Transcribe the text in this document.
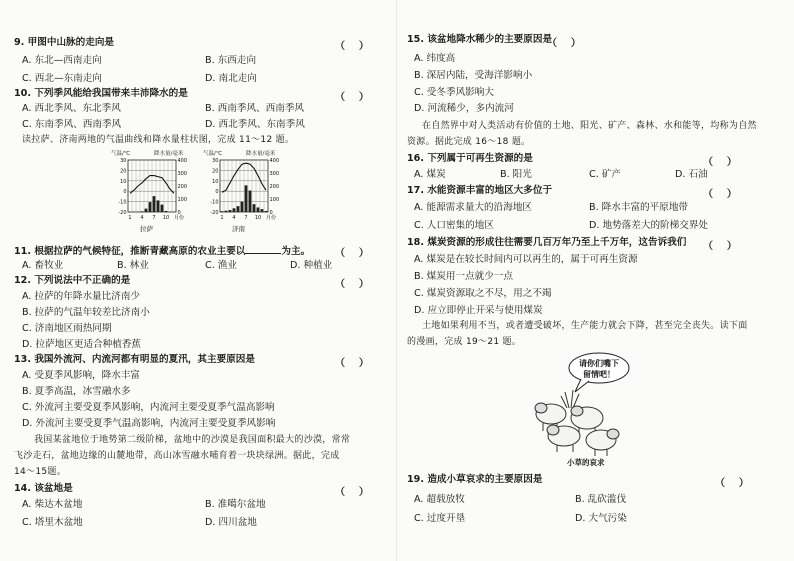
9. 甲图中山脉的走向是	（    ）
A. 东北—西南走向	B. 东西走向
C. 西北—东南走向	D. 南北走向
10. 下列季风能给我国带来丰沛降水的是	（    ）
A. 西北季风、东北季风	B. 西南季风、西南季风
C. 东南季风、西南季风	D. 西北季风、东南季风
读拉萨、济南两地的气温曲线和降水量柱状图，完成 11～12 题。
气温/℃	降水量/毫米
30
20
10
0
-10
-20
400
300
200
100
0
1 4 7 10 月份
拉萨
气温/℃	降水量/毫米
30
20
10
0
-10
-20
400
300
200
100
0
1 4 7 10 月份
济南
11. 根据拉萨的气候特征，推断青藏高原的农业主要以	为主。 （    ）
A. 畜牧业	B. 林业	C. 渔业	D. 种植业
12. 下列说法中不正确的是	（    ）
A. 拉萨的年降水量比济南少
B. 拉萨的气温年较差比济南小
C. 济南地区雨热同期
D. 拉萨地区更适合种植香蕉
13. 我国外流河、内流河都有明显的夏汛，其主要原因是	（    ）
A. 受夏季风影响，降水丰富
B. 夏季高温，冰雪融水多
C. 外流河主要受夏季风影响，内流河主要受夏季气温高影响
D. 外流河主要受夏季气温高影响，内流河主要受夏季风影响
我国某盆地位于地势第二级阶梯，盆地中的沙漠是我国面积最大的沙漠，常常
飞沙走石，盆地边缘的山麓地带，高山冰雪融水哺育着一块块绿洲。据此，完成
14～15题。
14. 该盆地是	（    ）
A. 柴达木盆地	B. 准噶尔盆地
C. 塔里木盆地	D. 四川盆地
15. 该盆地降水稀少的主要原因是
（    ）
A. 纬度高
B. 深居内陆，受海洋影响小
C. 受冬季风影响大
D. 河流稀少，多内流河
在自然界中对人类活动有价值的土地、阳光、矿产、森林、水和能等，均称为自然
资源。据此完成 16～18 题。
16. 下列属于可再生资源的是	（    ）
A. 煤炭	B. 阳光	C. 矿产	D. 石油
17. 水能资源丰富的地区大多位于	（    ）
A. 能源需求量大的沿海地区	B. 降水丰富的平原地带
C. 人口密集的地区	D. 地势落差大的阶梯交界处
18. 煤炭资源的形成往往需要几百万年乃至上千万年，这告诉我们 （    ）
A. 煤炭是在较长时间内可以再生的，属于可再生资源
B. 煤炭用一点就少一点
C. 煤炭资源取之不尽，用之不竭
D. 应立即停止开采与使用煤炭
土地如果利用不当，或者遭受破坏，生产能力就会下降，甚至完全丧失。读下面
的漫画，完成 19～21 题。
请你们嘴下
留情吧！
小草的哀求
19. 造成小草哀求的主要原因是	（    ）
A. 超载放牧	B. 乱砍滥伐
C. 过度开垦	D. 大气污染
